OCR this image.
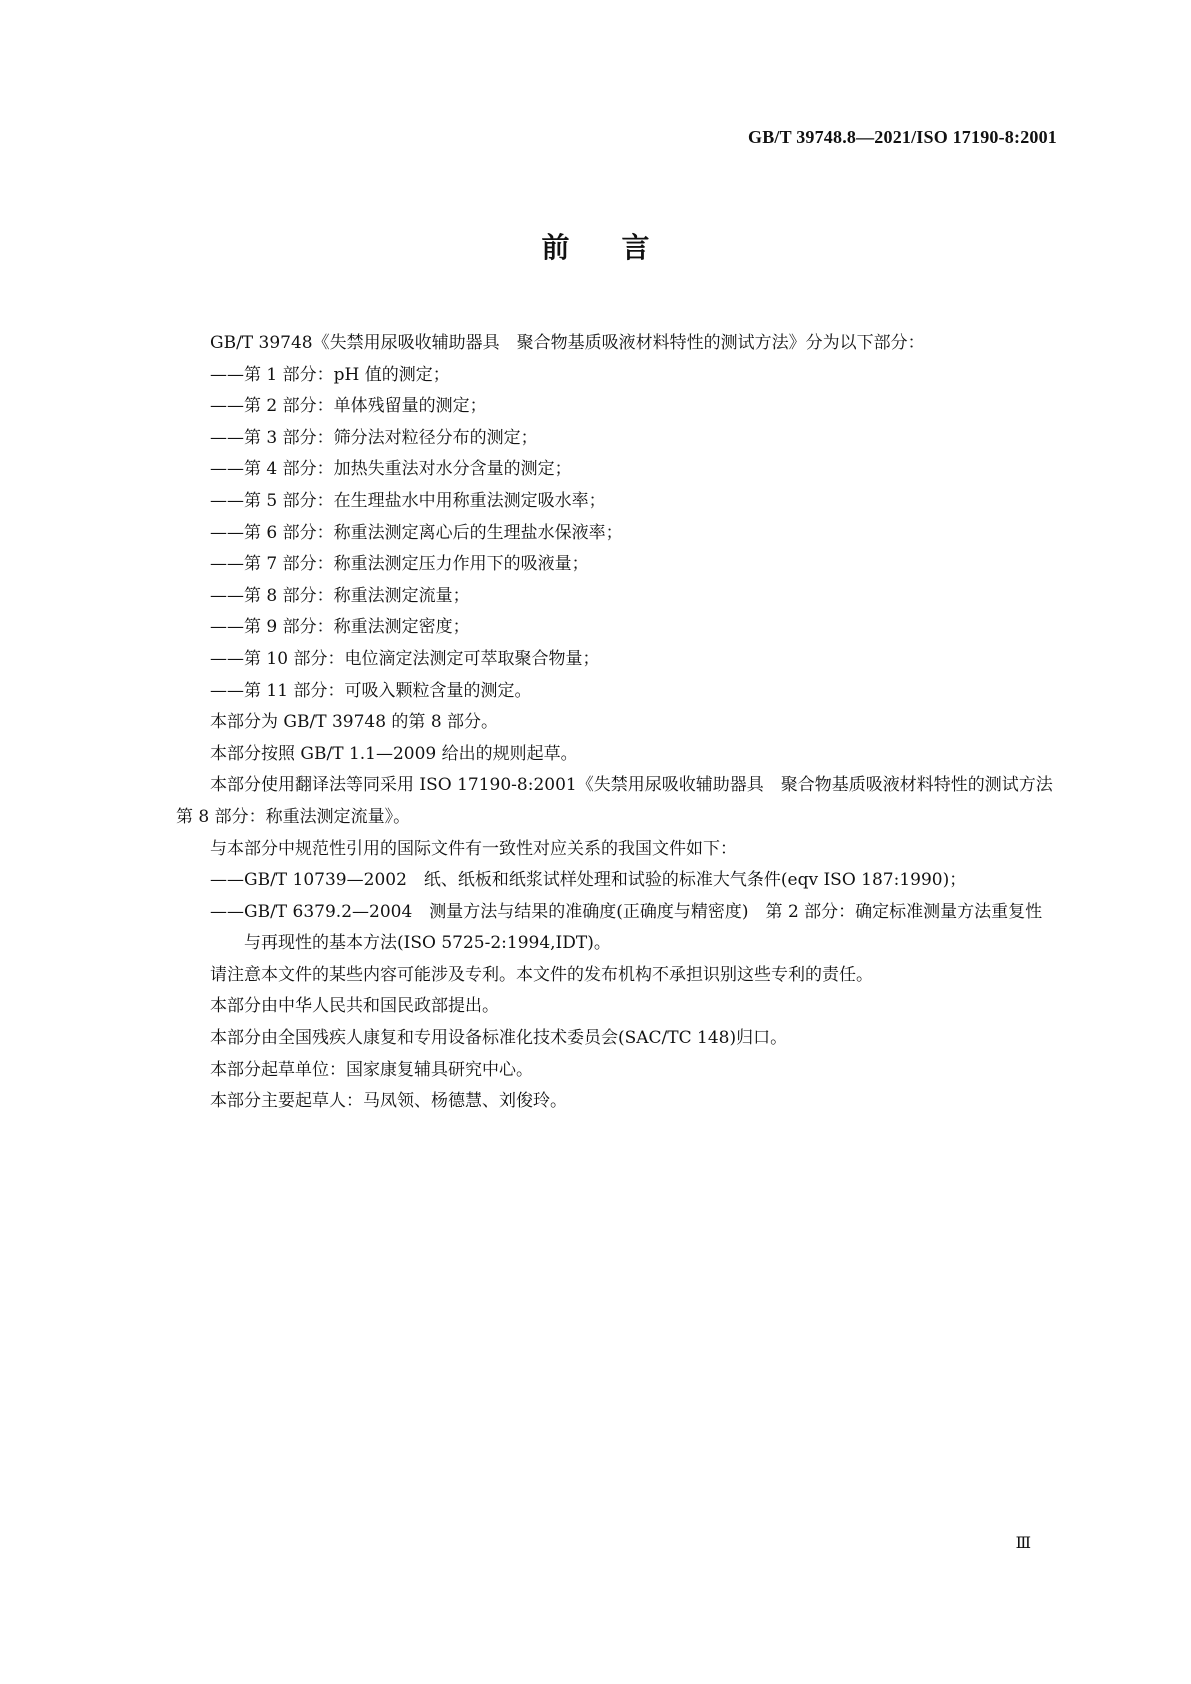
GB/T 39748.8—2021/ISO 17190-8:2001
前 言

GB/T 39748《失禁用尿吸收辅助器具　聚合物基质吸液材料特性的测试方法》分为以下部分：

——第 1 部分：pH 值的测定；

——第 2 部分：单体残留量的测定；

——第 3 部分：筛分法对粒径分布的测定；

——第 4 部分：加热失重法对水分含量的测定；

——第 5 部分：在生理盐水中用称重法测定吸水率；

——第 6 部分：称重法测定离心后的生理盐水保液率；

——第 7 部分：称重法测定压力作用下的吸液量；

——第 8 部分：称重法测定流量；

——第 9 部分：称重法测定密度；

——第 10 部分：电位滴定法测定可萃取聚合物量；

——第 11 部分：可吸入颗粒含量的测定。

本部分为 GB/T 39748 的第 8 部分。

本部分按照 GB/T 1.1—2009 给出的规则起草。

本部分使用翻译法等同采用 ISO 17190-8:2001《失禁用尿吸收辅助器具　聚合物基质吸液材料特性的测试方法　第 8 部分：称重法测定流量》。

与本部分中规范性引用的国际文件有一致性对应关系的我国文件如下：

——GB/T 10739—2002　纸、纸板和纸浆试样处理和试验的标准大气条件(eqv ISO 187:1990)；

——GB/T 6379.2—2004　测量方法与结果的准确度(正确度与精密度)　第 2 部分：确定标准测量方法重复性与再现性的基本方法(ISO 5725-2:1994,IDT)。

请注意本文件的某些内容可能涉及专利。本文件的发布机构不承担识别这些专利的责任。

本部分由中华人民共和国民政部提出。

本部分由全国残疾人康复和专用设备标准化技术委员会(SAC/TC 148)归口。

本部分起草单位：国家康复辅具研究中心。

本部分主要起草人：马凤领、杨德慧、刘俊玲。

Ⅲ
